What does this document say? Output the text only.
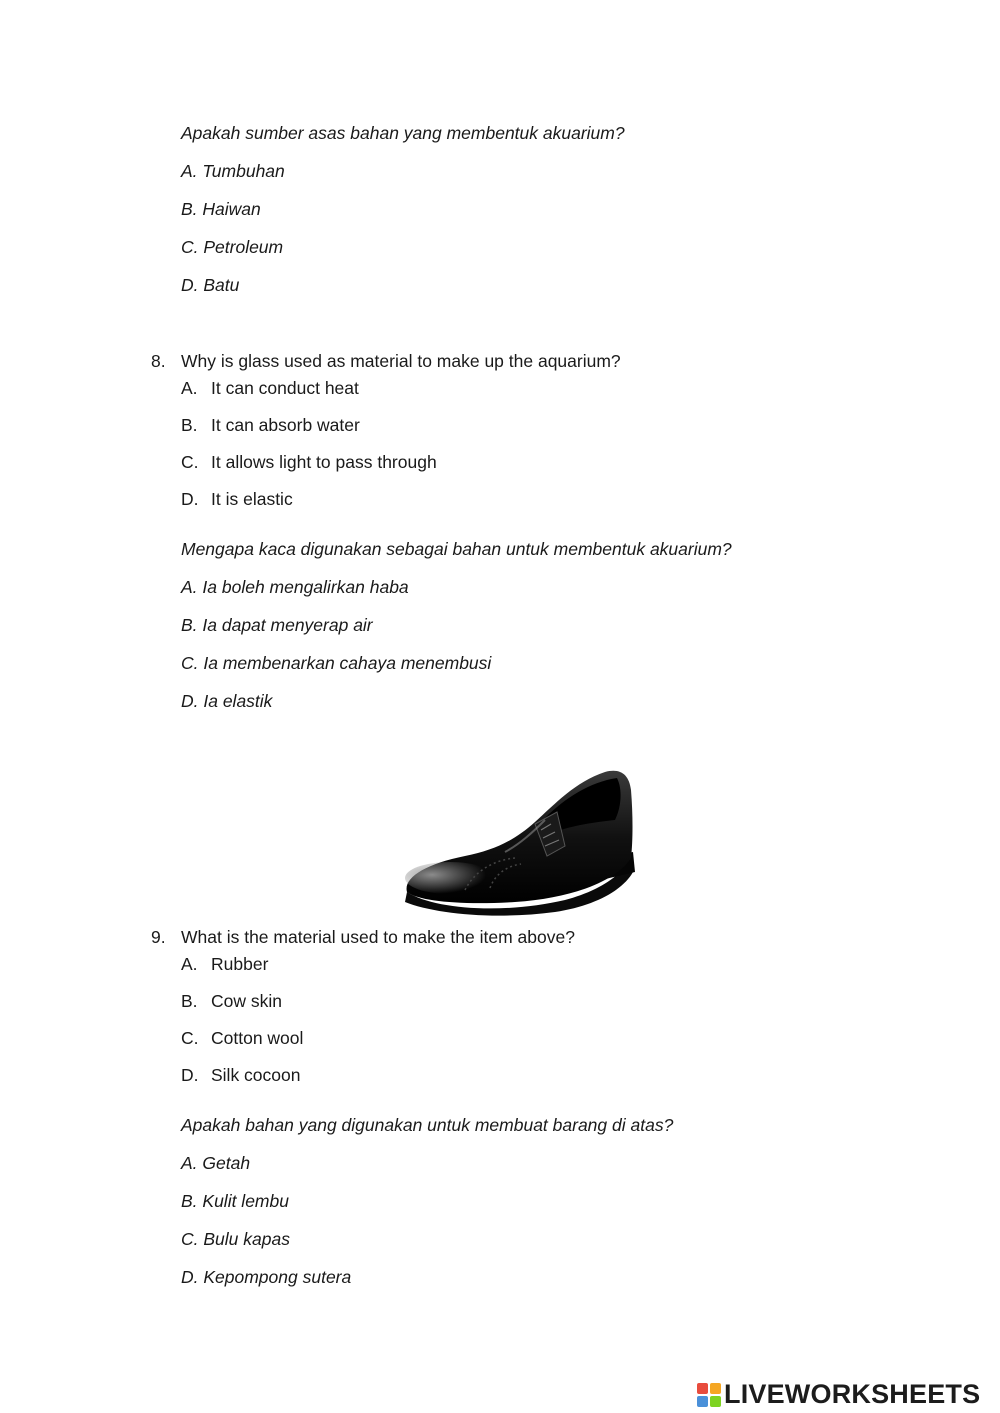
Apakah sumber asas bahan yang membentuk akuarium?
A. Tumbuhan
B. Haiwan
C. Petroleum
D. Batu
8. Why is glass used as material to make up the aquarium?
A. It can conduct heat
B. It can absorb water
C. It allows light to pass through
D. It is elastic
Mengapa kaca digunakan sebagai bahan untuk membentuk akuarium?
A. Ia boleh mengalirkan haba
B. Ia dapat menyerap air
C. Ia membenarkan cahaya menembusi
D. Ia elastik
9. What is the material used to make the item above?
A. Rubber
B. Cow skin
C. Cotton wool
D. Silk cocoon
Apakah bahan yang digunakan untuk membuat barang di atas?
A. Getah
B. Kulit lembu
C. Bulu kapas
D. Kepompong sutera
LIVEWORKSHEETS
